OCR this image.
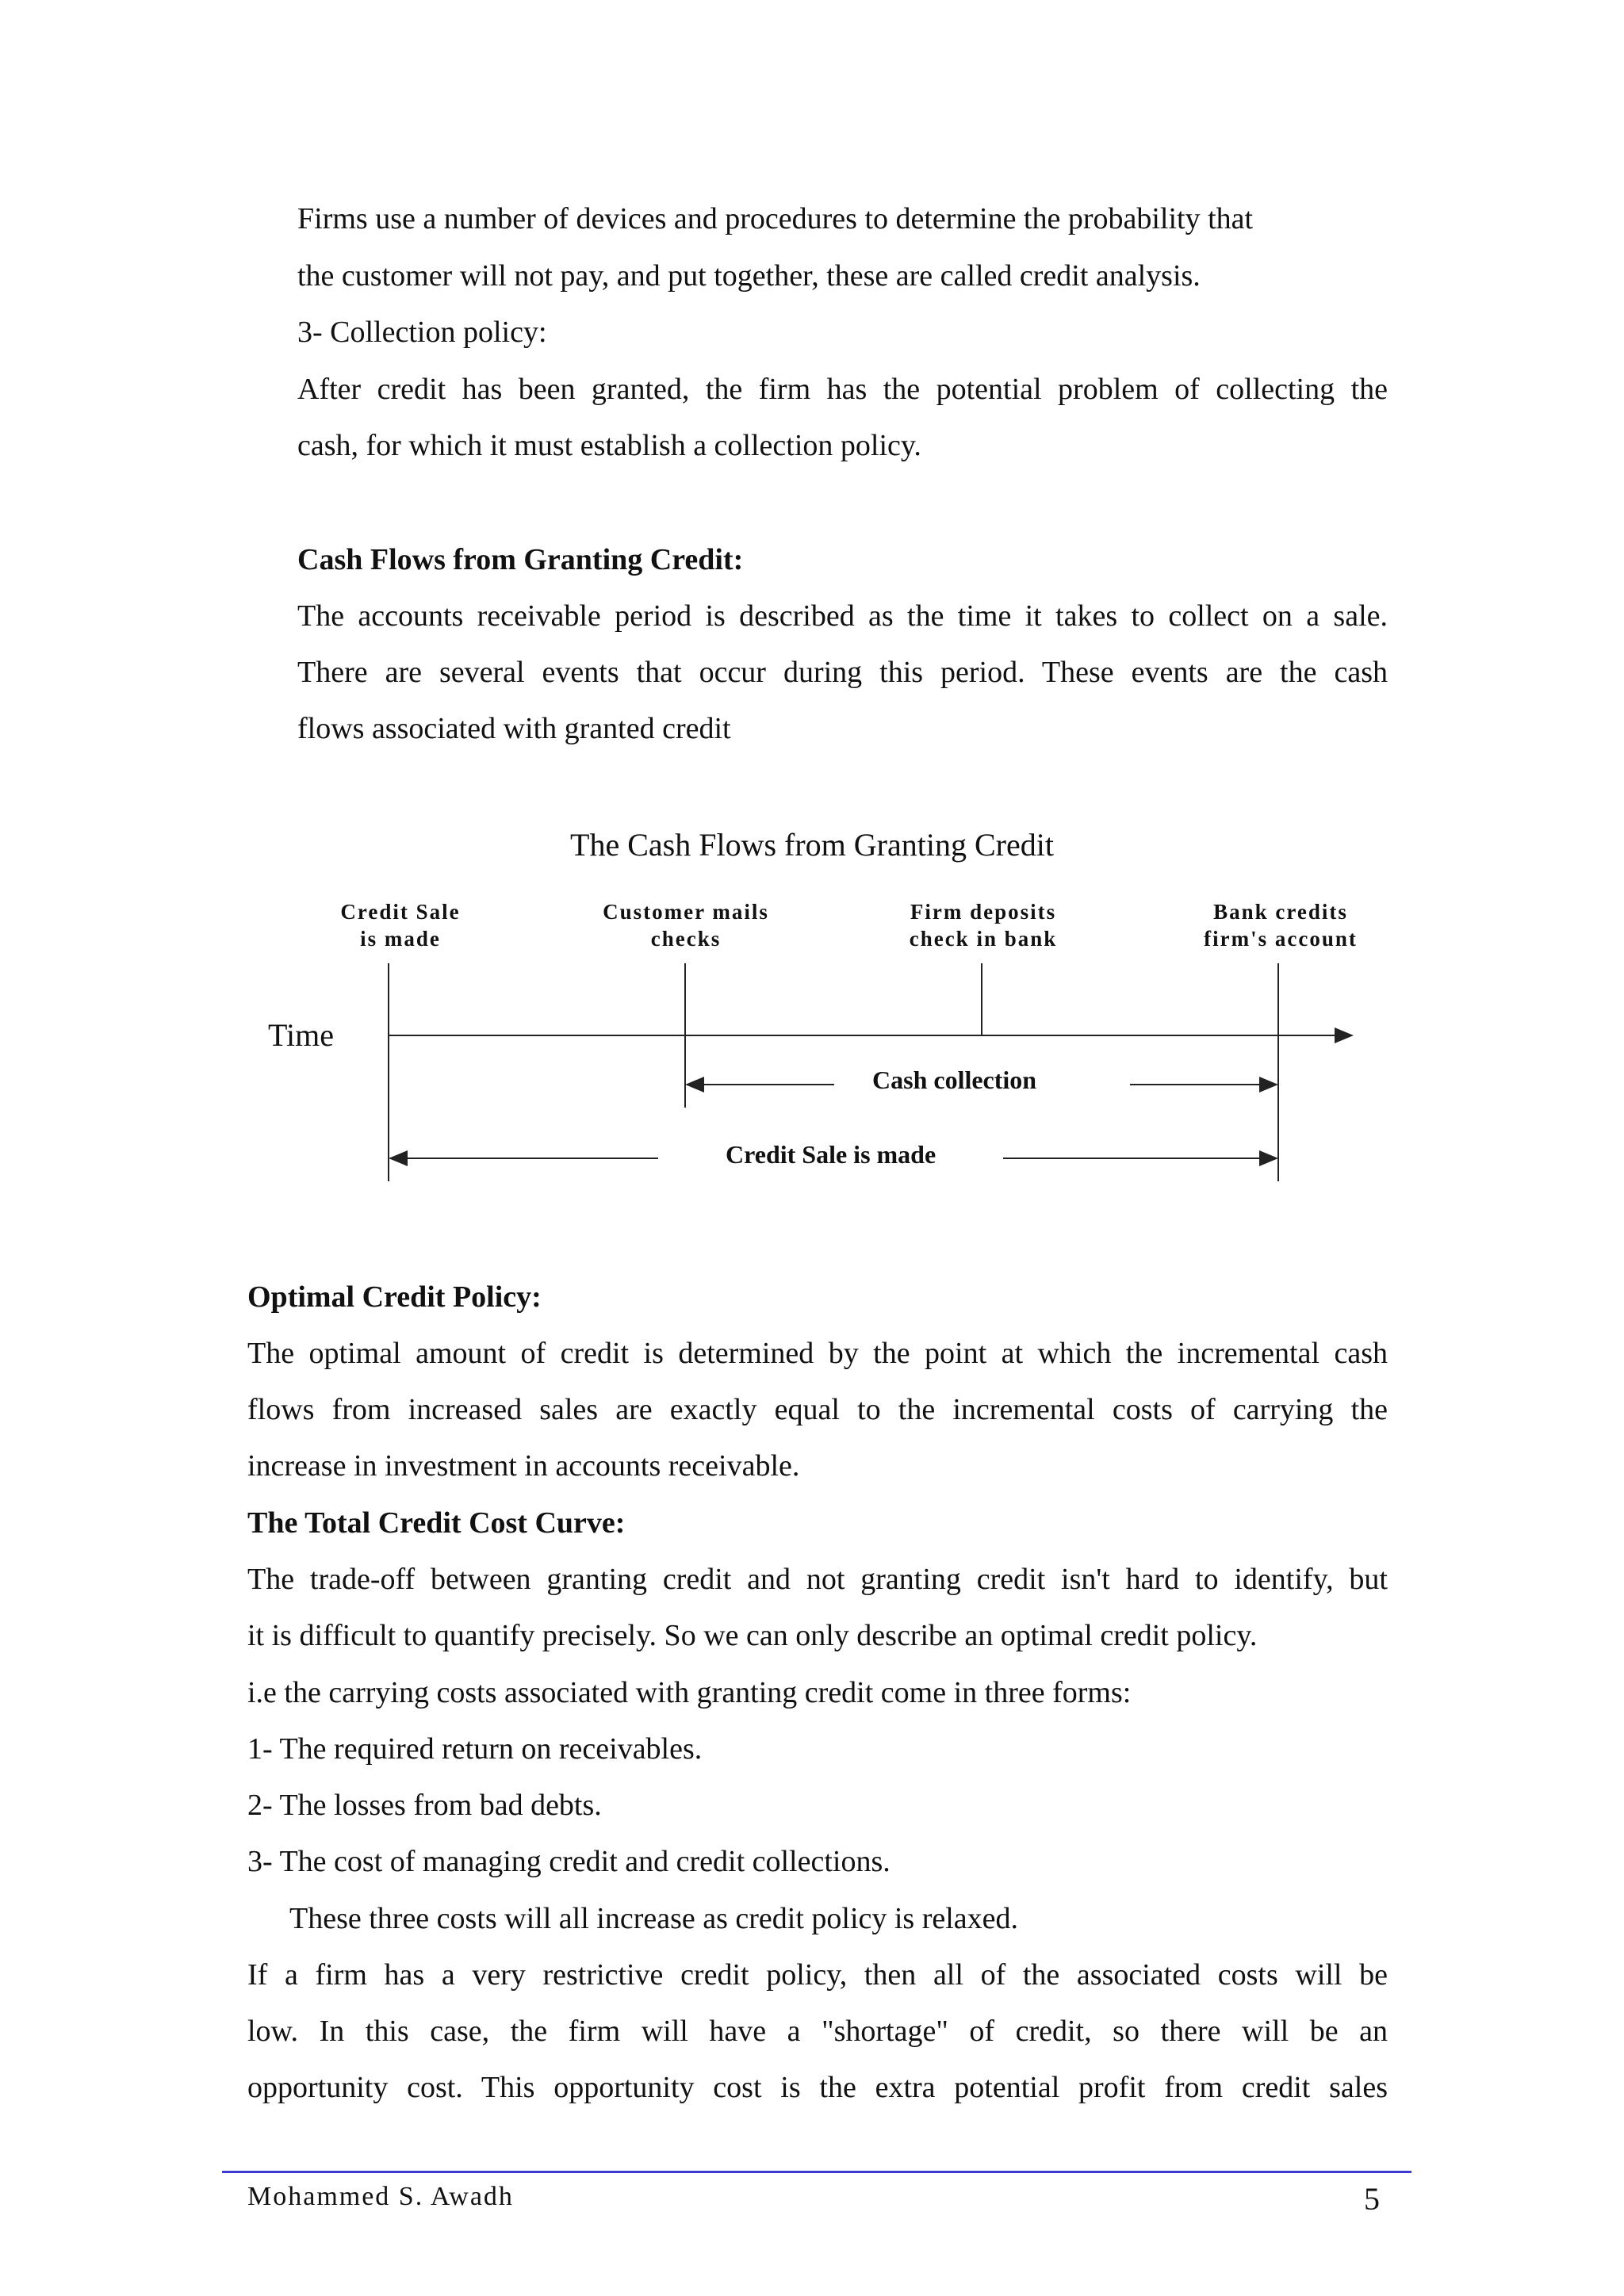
Firms use a number of devices and procedures to determine the probability that
the customer will not pay, and put together, these are called credit analysis.
3- Collection policy:
After credit has been granted, the firm has the potential problem of collecting the
cash, for which it must establish a collection policy.
Cash Flows from Granting Credit:
The accounts receivable period is described as the time it takes to collect on a sale.
There are several events that occur during this period. These events are the cash
flows associated with granted credit
The Cash Flows from Granting Credit
Credit Sale
is made
Customer mails
checks
Firm deposits
check in bank
Bank credits
firm's account
Time
Cash collection
Credit Sale is made
Optimal Credit Policy:
The optimal amount of credit is determined by the point at which the incremental cash
flows from increased sales are exactly equal to the incremental costs of carrying the
increase in investment in accounts receivable.
The Total Credit Cost Curve:
The trade-off between granting credit and not granting credit isn't hard to identify, but
it is difficult to quantify precisely. So we can only describe an optimal credit policy.
i.e the carrying costs associated with granting credit come in three forms:
1- The required return on receivables.
2- The losses from bad debts.
3- The cost of managing credit and credit collections.
These three costs will all increase as credit policy is relaxed.
If a firm has a very restrictive credit policy, then all of the associated costs will be
low. In this case, the firm will have a "shortage" of credit, so there will be an
opportunity cost. This opportunity cost is the extra potential profit from credit sales
Mohammed S. Awadh	5
